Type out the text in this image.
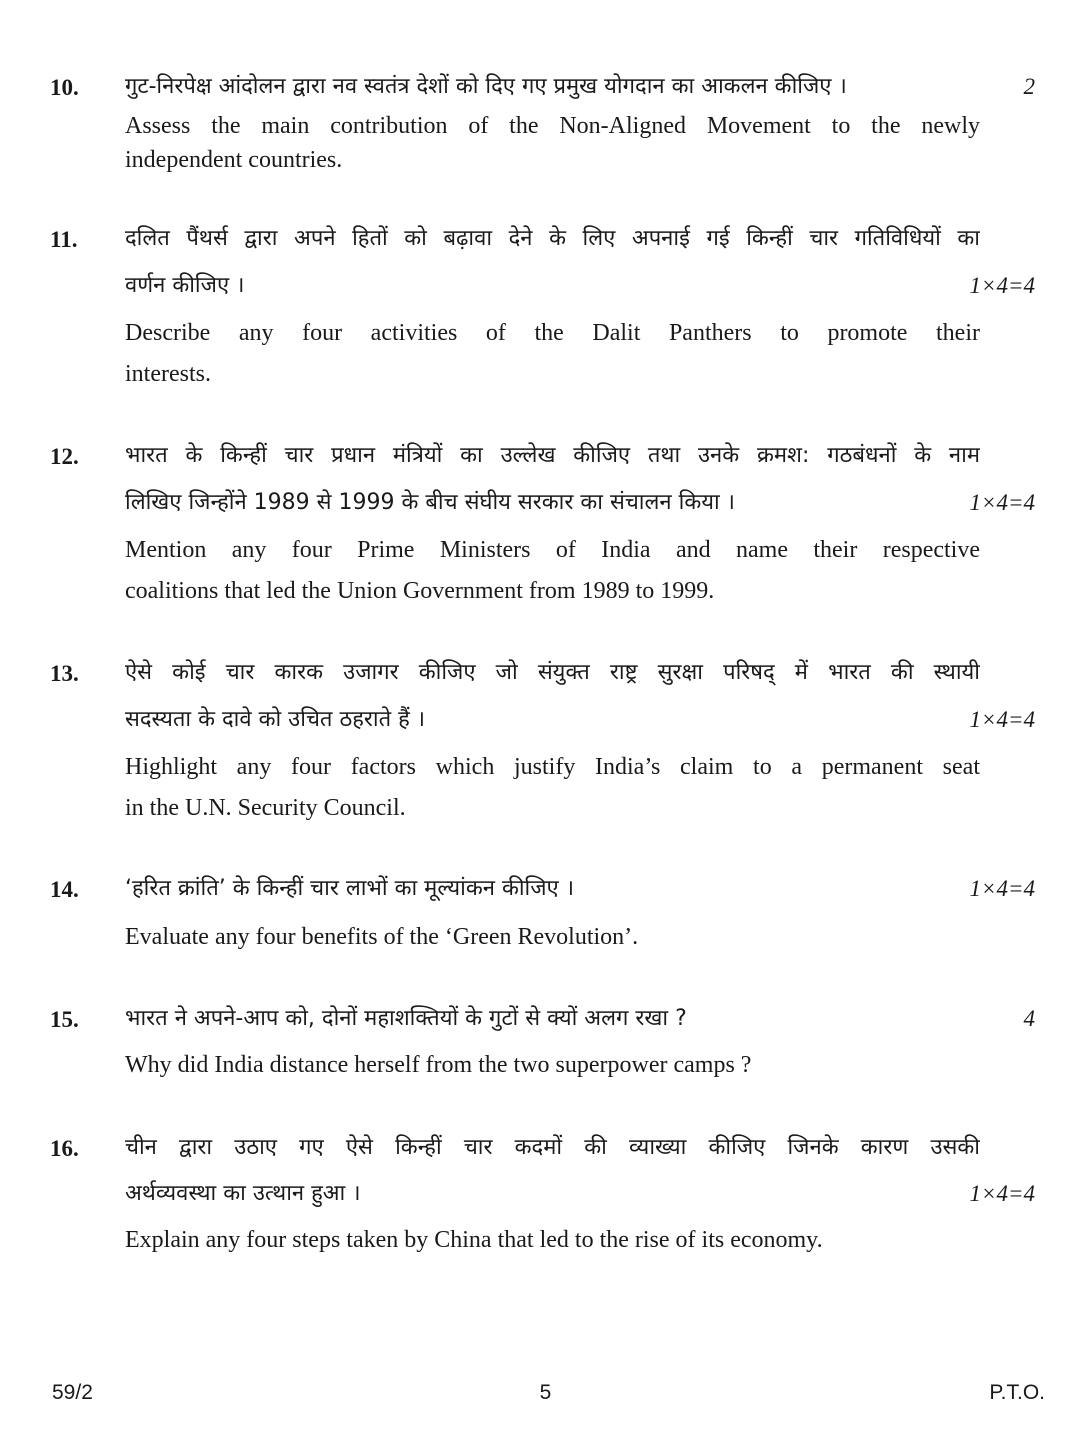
10.	गुट-निरपेक्ष आंदोलन द्वारा नव स्वतंत्र देशों को दिए गए प्रमुख योगदान का आकलन कीजिए ।	2
Assess the main contribution of the Non-Aligned Movement to the newly
independent countries.
11.	दलित पैंथर्स द्वारा अपने हितों को बढ़ावा देने के लिए अपनाई गई किन्हीं चार गतिविधियों का
वर्णन कीजिए ।	1×4=4
Describe any four activities of the Dalit Panthers to promote their
interests.
12.	भारत के किन्हीं चार प्रधान मंत्रियों का उल्लेख कीजिए तथा उनके क्रमश: गठबंधनों के नाम
लिखिए जिन्होंने 1989 से 1999 के बीच संघीय सरकार का संचालन किया ।	1×4=4
Mention any four Prime Ministers of India and name their respective
coalitions that led the Union Government from 1989 to 1999.
13.	ऐसे कोई चार कारक उजागर कीजिए जो संयुक्त राष्ट्र सुरक्षा परिषद् में भारत की स्थायी
सदस्यता के दावे को उचित ठहराते हैं ।	1×4=4
Highlight any four factors which justify India’s claim to a permanent seat
in the U.N. Security Council.
14.	‘हरित क्रांति’ के किन्हीं चार लाभों का मूल्यांकन कीजिए ।	1×4=4
Evaluate any four benefits of the ‘Green Revolution’.
15.	भारत ने अपने-आप को, दोनों महाशक्तियों के गुटों से क्यों अलग रखा ?	4
Why did India distance herself from the two superpower camps ?
16.	चीन द्वारा उठाए गए ऐसे किन्हीं चार कदमों की व्याख्या कीजिए जिनके कारण उसकी
अर्थव्यवस्था का उत्थान हुआ ।	1×4=4
Explain any four steps taken by China that led to the rise of its economy.
59/2	5	P.T.O.
